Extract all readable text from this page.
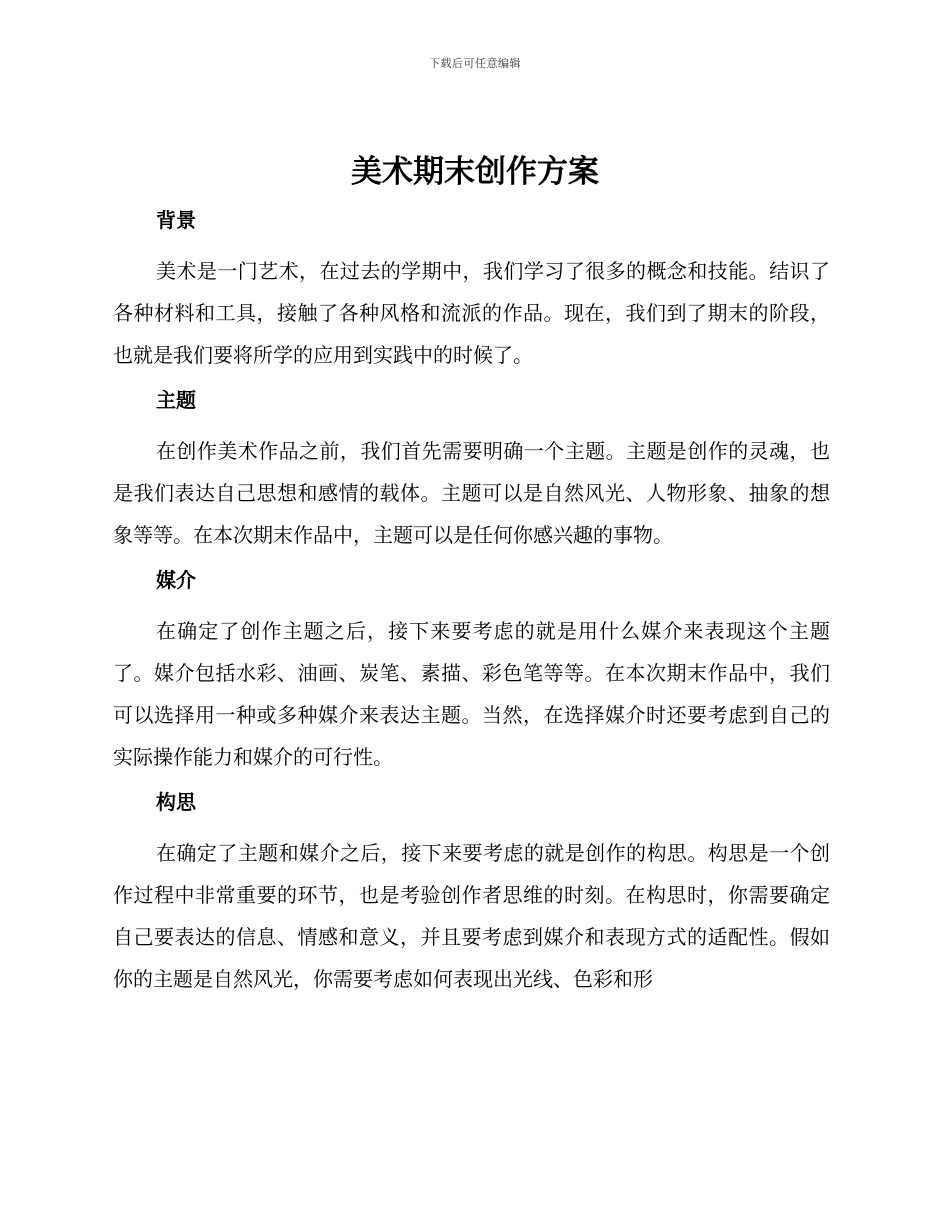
下载后可任意编辑
美术期末创作方案
背景

美术是一门艺术，在过去的学期中，我们学习了很多的概念和技能。结识了各种材料和工具，接触了各种风格和流派的作品。现在，我们到了期末的阶段，也就是我们要将所学的应用到实践中的时候了。

主题

在创作美术作品之前，我们首先需要明确一个主题。主题是创作的灵魂，也是我们表达自己思想和感情的载体。主题可以是自然风光、人物形象、抽象的想象等等。在本次期末作品中，主题可以是任何你感兴趣的事物。

媒介

在确定了创作主题之后，接下来要考虑的就是用什么媒介来表现这个主题了。媒介包括水彩、油画、炭笔、素描、彩色笔等等。在本次期末作品中，我们可以选择用一种或多种媒介来表达主题。当然，在选择媒介时还要考虑到自己的实际操作能力和媒介的可行性。

构思

在确定了主题和媒介之后，接下来要考虑的就是创作的构思。构思是一个创作过程中非常重要的环节，也是考验创作者思维的时刻。在构思时，你需要确定自己要表达的信息、情感和意义，并且要考虑到媒介和表现方式的适配性。假如你的主题是自然风光，你需要考虑如何表现出光线、色彩和形
